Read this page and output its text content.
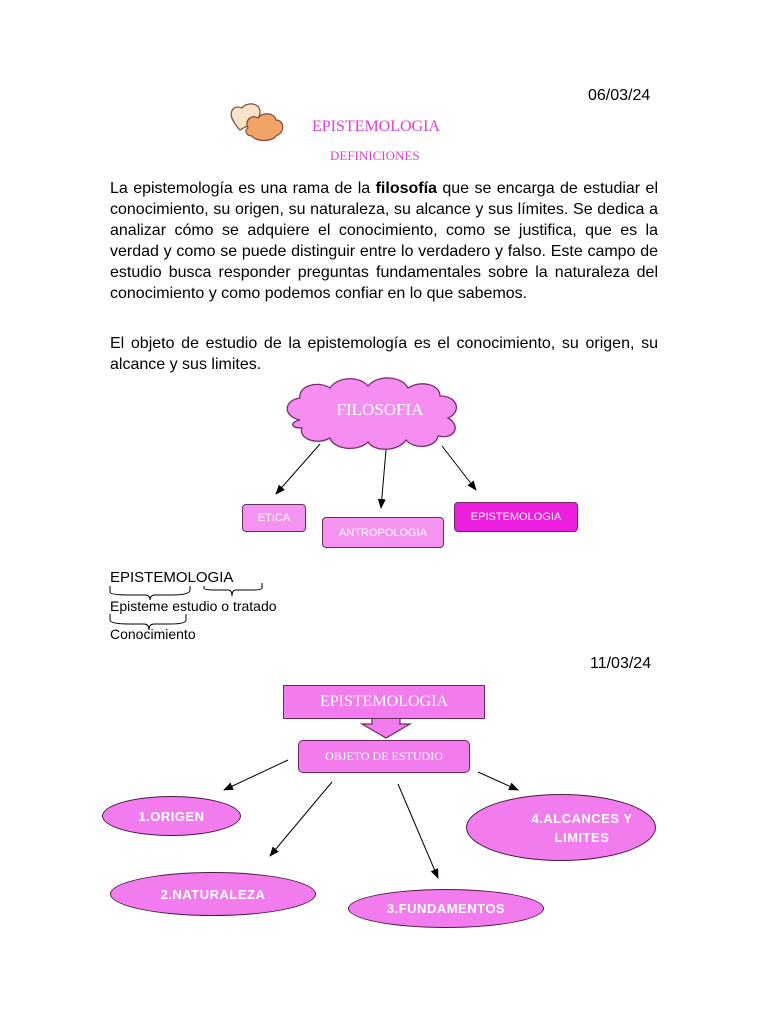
06/03/24
EPISTEMOLOGIA
DEFINICIONES
La epistemología es una rama de la filosofía que se encarga de estudiar el conocimiento, su origen, su naturaleza, su alcance y sus límites. Se dedica a analizar cómo se adquiere el conocimiento, como se justifica, que es la verdad y como se puede distinguir entre lo verdadero y falso. Este campo de estudio busca responder preguntas fundamentales sobre la naturaleza del conocimiento y como podemos confiar en lo que sabemos.
El objeto de estudio de la epistemología es el conocimiento, su origen, su alcance y sus limites.
FILOSOFIA
ETICA
ANTROPOLOGIA
EPISTEMOLOGIA
EPISTEMOLOGIA
Episteme estudio o tratado
Conocimiento
11/03/24
EPISTEMOLOGIA
OBJETO DE ESTUDIO
1.ORIGEN
2.NATURALEZA
3.FUNDAMENTOS
4.ALCANCES Y LIMITES
